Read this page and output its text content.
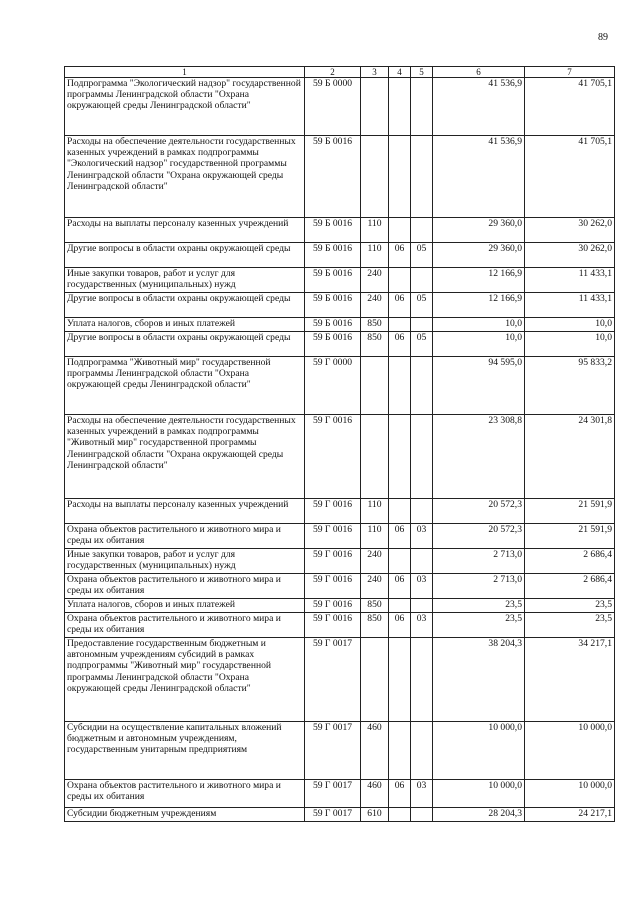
89
1	2	3	4	5	6	7
Подпрограмма "Экологический надзор" государственной программы Ленинградской области "Охрана окружающей среды Ленинградской области"	59 Б 0000				41 536,9	41 705,1
Расходы на обеспечение деятельности государственных казенных учреждений в рамках подпрограммы "Экологический надзор" государственной программы Ленинградской области "Охрана окружающей среды Ленинградской области"	59 Б 0016				41 536,9	41 705,1
Расходы на выплаты персоналу казенных учреждений	59 Б 0016	110			29 360,0	30 262,0
Другие вопросы в области охраны окружающей среды	59 Б 0016	110	06	05	29 360,0	30 262,0
Иные закупки товаров, работ и услуг для государственных (муниципальных) нужд	59 Б 0016	240			12 166,9	11 433,1
Другие вопросы в области охраны окружающей среды	59 Б 0016	240	06	05	12 166,9	11 433,1
Уплата налогов, сборов и иных платежей	59 Б 0016	850			10,0	10,0
Другие вопросы в области охраны окружающей среды	59 Б 0016	850	06	05	10,0	10,0
Подпрограмма "Животный мир" государственной программы Ленинградской области "Охрана окружающей среды Ленинградской области"	59 Г 0000				94 595,0	95 833,2
Расходы на обеспечение деятельности государственных казенных учреждений в рамках подпрограммы "Животный мир" государственной программы Ленинградской области "Охрана окружающей среды Ленинградской области"	59 Г 0016				23 308,8	24 301,8
Расходы на выплаты персоналу казенных учреждений	59 Г 0016	110			20 572,3	21 591,9
Охрана объектов растительного и животного мира и среды их обитания	59 Г 0016	110	06	03	20 572,3	21 591,9
Иные закупки товаров, работ и услуг для государственных (муниципальных) нужд	59 Г 0016	240			2 713,0	2 686,4
Охрана объектов растительного и животного мира и среды их обитания	59 Г 0016	240	06	03	2 713,0	2 686,4
Уплата налогов, сборов и иных платежей	59 Г 0016	850			23,5	23,5
Охрана объектов растительного и животного мира и среды их обитания	59 Г 0016	850	06	03	23,5	23,5
Предоставление государственным бюджетным и автономным учреждениям субсидий в рамках подпрограммы "Животный мир" государственной программы Ленинградской области "Охрана окружающей среды Ленинградской области"	59 Г 0017				38 204,3	34 217,1
Субсидии на осуществление капитальных вложений бюджетным и автономным учреждениям, государственным унитарным предприятиям	59 Г 0017	460			10 000,0	10 000,0
Охрана объектов растительного и животного мира и среды их обитания	59 Г 0017	460	06	03	10 000,0	10 000,0
Субсидии бюджетным учреждениям	59 Г 0017	610			28 204,3	24 217,1
